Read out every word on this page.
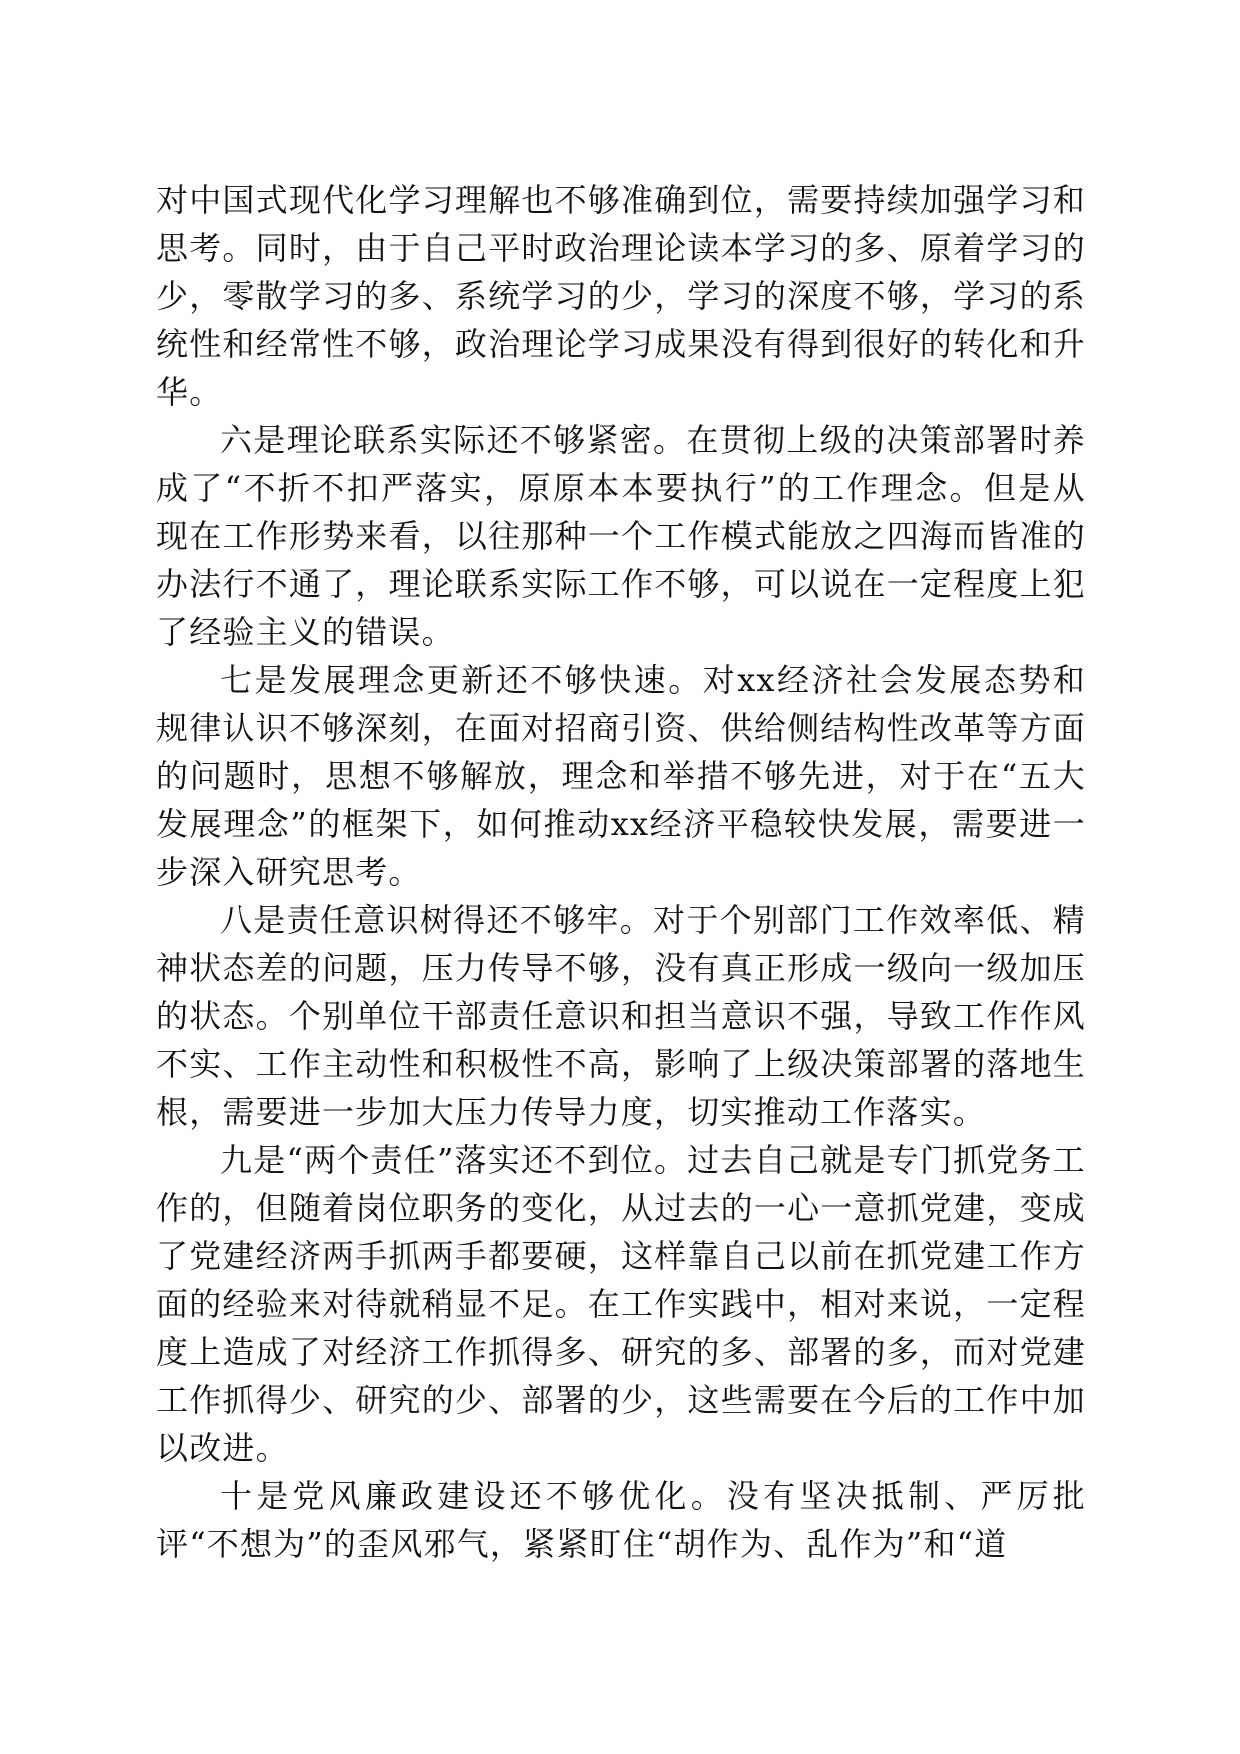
对中国式现代化学习理解也不够准确到位，需要持续加强学习和思考。同时，由于自己平时政治理论读本学习的多、原着学习的少，零散学习的多、系统学习的少，学习的深度不够，学习的系统性和经常性不够，政治理论学习成果没有得到很好的转化和升华。

六是理论联系实际还不够紧密。在贯彻上级的决策部署时养成了“不折不扣严落实，原原本本要执行”的工作理念。但是从现在工作形势来看，以往那种一个工作模式能放之四海而皆准的办法行不通了，理论联系实际工作不够，可以说在一定程度上犯了经验主义的错误。

七是发展理念更新还不够快速。对xx经济社会发展态势和规律认识不够深刻，在面对招商引资、供给侧结构性改革等方面的问题时，思想不够解放，理念和举措不够先进，对于在“五大发展理念”的框架下，如何推动xx经济平稳较快发展，需要进一步深入研究思考。

八是责任意识树得还不够牢。对于个别部门工作效率低、精神状态差的问题，压力传导不够，没有真正形成一级向一级加压的状态。个别单位干部责任意识和担当意识不强，导致工作作风不实、工作主动性和积极性不高，影响了上级决策部署的落地生根，需要进一步加大压力传导力度，切实推动工作落实。

九是“两个责任”落实还不到位。过去自己就是专门抓党务工作的，但随着岗位职务的变化，从过去的一心一意抓党建，变成了党建经济两手抓两手都要硬，这样靠自己以前在抓党建工作方面的经验来对待就稍显不足。在工作实践中，相对来说，一定程度上造成了对经济工作抓得多、研究的多、部署的多，而对党建工作抓得少、研究的少、部署的少，这些需要在今后的工作中加以改进。

十是党风廉政建设还不够优化。没有坚决抵制、严厉批评“不想为”的歪风邪气，紧紧盯住“胡作为、乱作为”和“道
